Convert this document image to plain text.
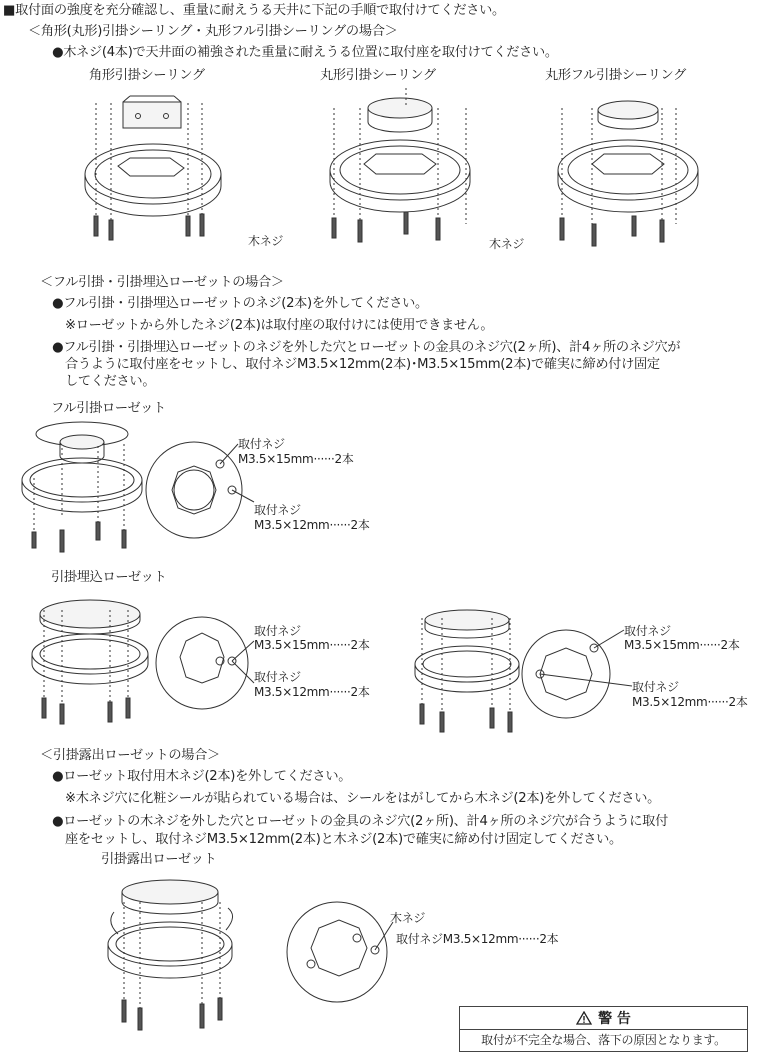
■取付面の強度を充分確認し、重量に耐えうる天井に下記の手順で取付けてください。
＜角形(丸形)引掛シーリング・丸形フル引掛シーリングの場合＞
●木ネジ(4本)で天井面の補強された重量に耐えうる位置に取付座を取付けてください。
角形引掛シーリング	丸形引掛シーリング	丸形フル引掛シーリング
木ネジ	木ネジ
＜フル引掛・引掛埋込ローゼットの場合＞
●フル引掛・引掛埋込ローゼットのネジ(2本)を外してください。
※ローゼットから外したネジ(2本)は取付座の取付けには使用できません。
●フル引掛・引掛埋込ローゼットのネジを外した穴とローゼットの金具のネジ穴(2ヶ所)、計4ヶ所のネジ穴が
合うように取付座をセットし、取付ネジM3.5×12mm(2本)･M3.5×15mm(2本)で確実に締め付け固定
してください。
フル引掛ローゼット
取付ネジ
M3.5×15mm······2本
取付ネジ
M3.5×12mm······2本
引掛埋込ローゼット
取付ネジ
M3.5×15mm······2本
取付ネジ
M3.5×12mm······2本
取付ネジ
M3.5×15mm······2本
取付ネジ
M3.5×12mm······2本
＜引掛露出ローゼットの場合＞
●ローゼット取付用木ネジ(2本)を外してください。
※木ネジ穴に化粧シールが貼られている場合は、シールをはがしてから木ネジ(2本)を外してください。
●ローゼットの木ネジを外した穴とローゼットの金具のネジ穴(2ヶ所)、計4ヶ所のネジ穴が合うように取付
座をセットし、取付ネジM3.5×12mm(2本)と木ネジ(2本)で確実に締め付け固定してください。
引掛露出ローゼット
木ネジ
取付ネジM3.5×12mm······2本
警 告
取付が不完全な場合、落下の原因となります。
